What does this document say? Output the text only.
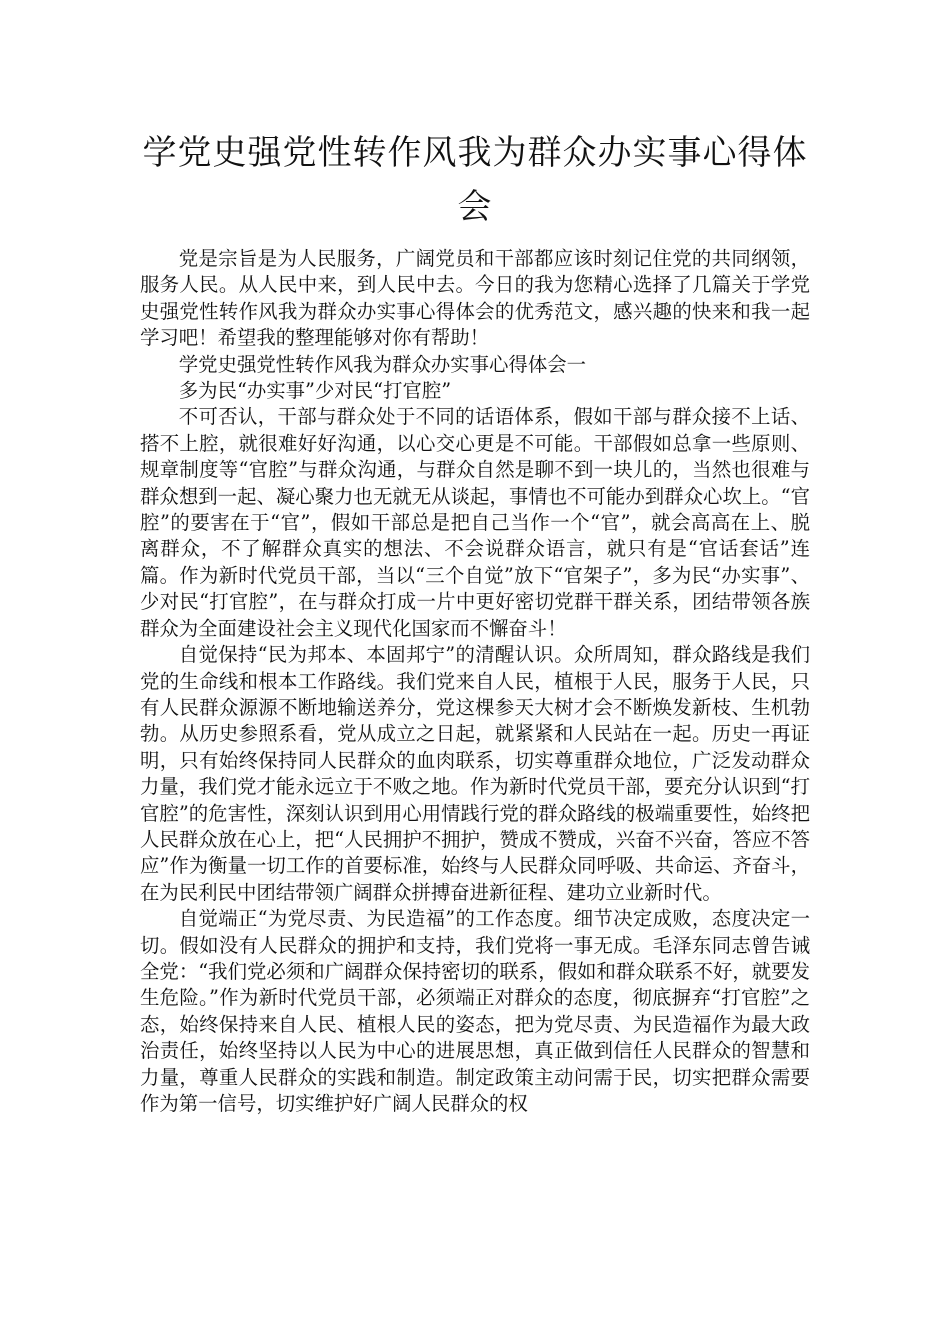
学党史强党性转作风我为群众办实事心得体会

党是宗旨是为人民服务，广阔党员和干部都应该时刻记住党的共同纲领，服务人民。从人民中来，到人民中去。今日的我为您精心选择了几篇关于学党史强党性转作风我为群众办实事心得体会的优秀范文，感兴趣的快来和我一起学习吧！希望我的整理能够对你有帮助！

学党史强党性转作风我为群众办实事心得体会一

多为民“办实事”少对民“打官腔”

不可否认，干部与群众处于不同的话语体系，假如干部与群众接不上话、搭不上腔，就很难好好沟通，以心交心更是不可能。干部假如总拿一些原则、规章制度等“官腔”与群众沟通，与群众自然是聊不到一块儿的，当然也很难与群众想到一起、凝心聚力也无就无从谈起，事情也不可能办到群众心坎上。“官腔”的要害在于“官”，假如干部总是把自己当作一个“官”，就会高高在上、脱离群众，不了解群众真实的想法、不会说群众语言，就只有是“官话套话”连篇。作为新时代党员干部，当以“三个自觉”放下“官架子”，多为民“办实事”、少对民“打官腔”，在与群众打成一片中更好密切党群干群关系，团结带领各族群众为全面建设社会主义现代化国家而不懈奋斗！

自觉保持“民为邦本、本固邦宁”的清醒认识。众所周知，群众路线是我们党的生命线和根本工作路线。我们党来自人民，植根于人民，服务于人民，只有人民群众源源不断地输送养分，党这棵参天大树才会不断焕发新枝、生机勃勃。从历史参照系看，党从成立之日起，就紧紧和人民站在一起。历史一再证明，只有始终保持同人民群众的血肉联系，切实尊重群众地位，广泛发动群众力量，我们党才能永远立于不败之地。作为新时代党员干部，要充分认识到“打官腔”的危害性，深刻认识到用心用情践行党的群众路线的极端重要性，始终把人民群众放在心上，把“人民拥护不拥护，赞成不赞成，兴奋不兴奋，答应不答应”作为衡量一切工作的首要标准，始终与人民群众同呼吸、共命运、齐奋斗，在为民利民中团结带领广阔群众拼搏奋进新征程、建功立业新时代。

自觉端正“为党尽责、为民造福”的工作态度。细节决定成败，态度决定一切。假如没有人民群众的拥护和支持，我们党将一事无成。毛泽东同志曾告诫全党：“我们党必须和广阔群众保持密切的联系，假如和群众联系不好，就要发生危险。”作为新时代党员干部，必须端正对群众的态度，彻底摒弃“打官腔”之态，始终保持来自人民、植根人民的姿态，把为党尽责、为民造福作为最大政治责任，始终坚持以人民为中心的进展思想，真正做到信任人民群众的智慧和力量，尊重人民群众的实践和制造。制定政策主动问需于民，切实把群众需要作为第一信号，切实维护好广阔人民群众的权
